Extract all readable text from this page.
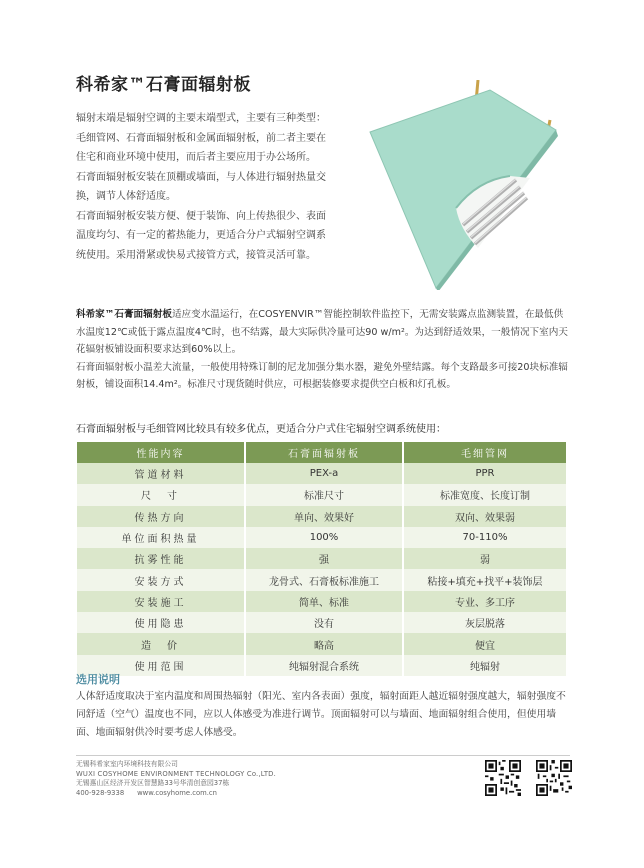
科希家™石膏面辐射板

辐射末端是辐射空调的主要末端型式，主要有三种类型：毛细管网、石膏面辐射板和金属面辐射板，前二者主要在住宅和商业环境中使用，而后者主要应用于办公场所。

石膏面辐射板安装在顶棚或墙面，与人体进行辐射热量交换，调节人体舒适度。

石膏面辐射板安装方便、便于装饰、向上传热很少、表面温度均匀、有一定的蓄热能力，更适合分户式辐射空调系统使用。采用滑紧或快易式接管方式，接管灵活可靠。

科希家™石膏面辐射板适应变水温运行，在COSYENVIR™智能控制软件监控下，无需安装露点监测装置，在最低供水温度12℃或低于露点温度4℃时，也不结露，最大实际供冷量可达90 w/m²。为达到舒适效果，一般情况下室内天花辐射板铺设面积要求达到60%以上。

石膏面辐射板小温差大流量，一般使用特殊订制的尼龙加强分集水器，避免外壁结露。每个支路最多可接20块标准辐射板，铺设面积14.4m²。标准尺寸现货随时供应，可根据装修要求提供空白板和灯孔板。

石膏面辐射板与毛细管网比较具有较多优点，更适合分户式住宅辐射空调系统使用：
性能内容	石膏面辐射板	毛细管网
管道材料	PEX-a	PPR
尺　寸	标准尺寸	标准宽度、长度订制
传热方向	单向、效果好	双向、效果弱
单位面积热量	100%	70-110%
抗雾性能	强	弱
安装方式	龙骨式、石膏板标准施工	粘接+填充+找平+装饰层
安装施工	简单、标准	专业、多工序
使用隐患	没有	灰层脱落
造　价	略高	便宜
使用范围	纯辐射混合系统	纯辐射
选用说明

人体舒适度取决于室内温度和周围热辐射（阳光、室内各表面）强度，辐射面距人越近辐射强度越大，辐射强度不同舒适（空气）温度也不同，应以人体感受为准进行调节。顶面辐射可以与墙面、地面辐射组合使用，但使用墙面、地面辐射供冷时要考虑人体感受。

无锡科希家室内环境科技有限公司
WUXI COSYHOME ENVIRONMENT TECHNOLOGY Co.,LTD.
无锡惠山区经济开发区智慧路33号华清创意园37栋
400-928-9338 www.cosyhome.com.cn
